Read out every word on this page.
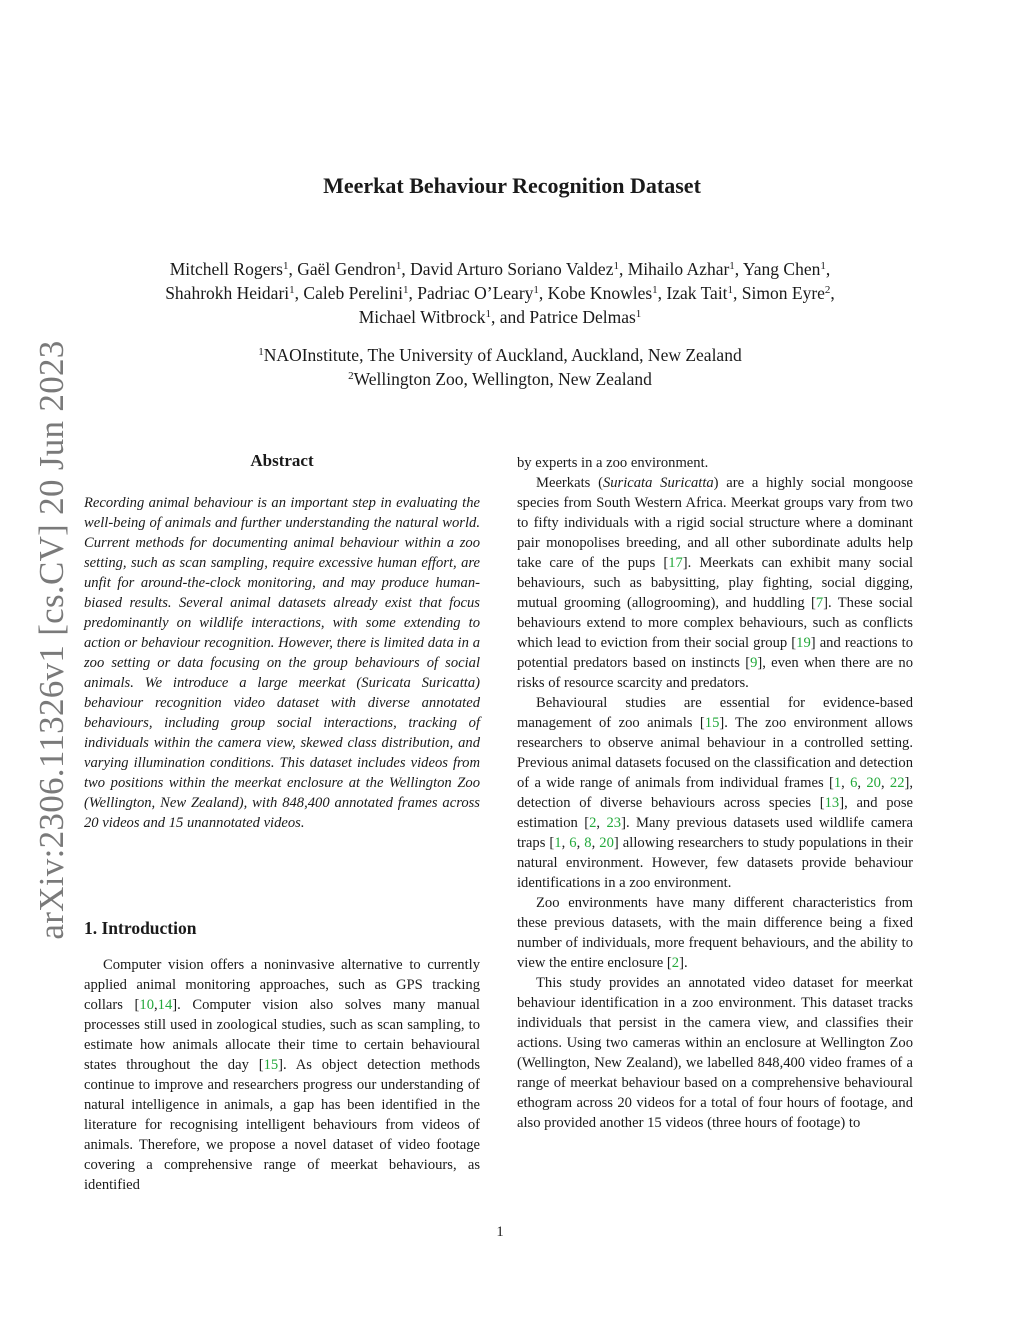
arXiv:2306.11326v1 [cs.CV] 20 Jun 2023
Meerkat Behaviour Recognition Dataset

Mitchell Rogers$^1$, Gaël Gendron$^1$, David Arturo Soriano Valdez$^1$, Mihailo Azhar$^1$, Yang Chen$^1$,

Shahrokh Heidari$^1$, Caleb Perelini$^1$, Padriac O’Leary$^1$, Kobe Knowles$^1$, Izak Tait$^1$, Simon Eyre$^2$,

Michael Witbrock$^1$, and Patrice Delmas$^1$

$^1$NAOInstitute, The University of Auckland, Auckland, New Zealand

$^2$Wellington Zoo, Wellington, New Zealand

Abstract
Recording animal behaviour is an important step in evaluating the well-being of animals and further understanding the natural world. Current methods for documenting animal behaviour within a zoo setting, such as scan sampling, require excessive human effort, are unfit for around-the-clock monitoring, and may produce human-biased results. Several animal datasets already exist that focus predominantly on wildlife interactions, with some extending to action or behaviour recognition. However, there is limited data in a zoo setting or data focusing on the group behaviours of social animals. We introduce a large meerkat (Suricata Suricatta) behaviour recognition video dataset with diverse annotated behaviours, including group social interactions, tracking of individuals within the camera view, skewed class distribution, and varying illumination conditions. This dataset includes videos from two positions within the meerkat enclosure at the Wellington Zoo (Wellington, New Zealand), with 848,400 annotated frames across 20 videos and 15 unannotated videos.
1. Introduction

Computer vision offers a noninvasive alternative to currently applied animal monitoring approaches, such as GPS tracking collars [10,14]. Computer vision also solves many manual processes still used in zoological studies, such as scan sampling, to estimate how animals allocate their time to certain behavioural states throughout the day [15]. As object detection methods continue to improve and researchers progress our understanding of natural intelligence in animals, a gap has been identified in the literature for recognising intelligent behaviours from videos of animals. Therefore, we propose a novel dataset of video footage covering a comprehensive range of meerkat behaviours, as identified

by experts in a zoo environment.

Meerkats (Suricata Suricatta) are a highly social mongoose species from South Western Africa. Meerkat groups vary from two to fifty individuals with a rigid social structure where a dominant pair monopolises breeding, and all other subordinate adults help take care of the pups [17]. Meerkats can exhibit many social behaviours, such as babysitting, play fighting, social digging, mutual grooming (allogrooming), and huddling [7]. These social behaviours extend to more complex behaviours, such as conflicts which lead to eviction from their social group [19] and reactions to potential predators based on instincts [9], even when there are no risks of resource scarcity and predators.

Behavioural studies are essential for evidence-based management of zoo animals [15]. The zoo environment allows researchers to observe animal behaviour in a controlled setting. Previous animal datasets focused on the classification and detection of a wide range of animals from individual frames [1, 6, 20, 22], detection of diverse behaviours across species [13], and pose estimation [2, 23]. Many previous datasets used wildlife camera traps [1, 6, 8, 20] allowing researchers to study populations in their natural environment. However, few datasets provide behaviour identifications in a zoo environment.

Zoo environments have many different characteristics from these previous datasets, with the main difference being a fixed number of individuals, more frequent behaviours, and the ability to view the entire enclosure [2].

This study provides an annotated video dataset for meerkat behaviour identification in a zoo environment. This dataset tracks individuals that persist in the camera view, and classifies their actions. Using two cameras within an enclosure at Wellington Zoo (Wellington, New Zealand), we labelled 848,400 video frames of a range of meerkat behaviour based on a comprehensive behavioural ethogram across 20 videos for a total of four hours of footage, and also provided another 15 videos (three hours of footage) to

1
